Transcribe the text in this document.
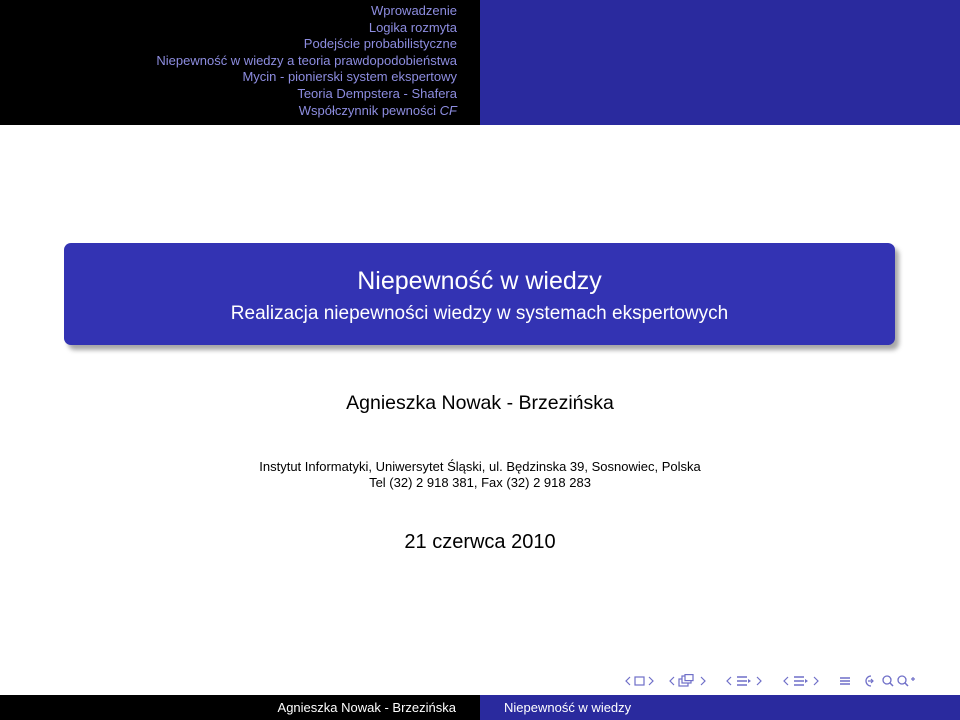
Wprowadzenie
Logika rozmyta
Podejście probabilistyczne
Niepewność w wiedzy a teoria prawdopodobieństwa
Mycin - pionierski system ekspertowy
Teoria Dempstera - Shafera
Współczynnik pewności CF
Niepewność w wiedzy
Realizacja niepewności wiedzy w systemach ekspertowych
Agnieszka Nowak - Brzezińska
Instytut Informatyki, Uniwersytet Śląski, ul. Będzinska 39, Sosnowiec, Polska
Tel (32) 2 918 381, Fax (32) 2 918 283
21 czerwca 2010
Agnieszka Nowak - Brzezińska	Niepewność w wiedzy
